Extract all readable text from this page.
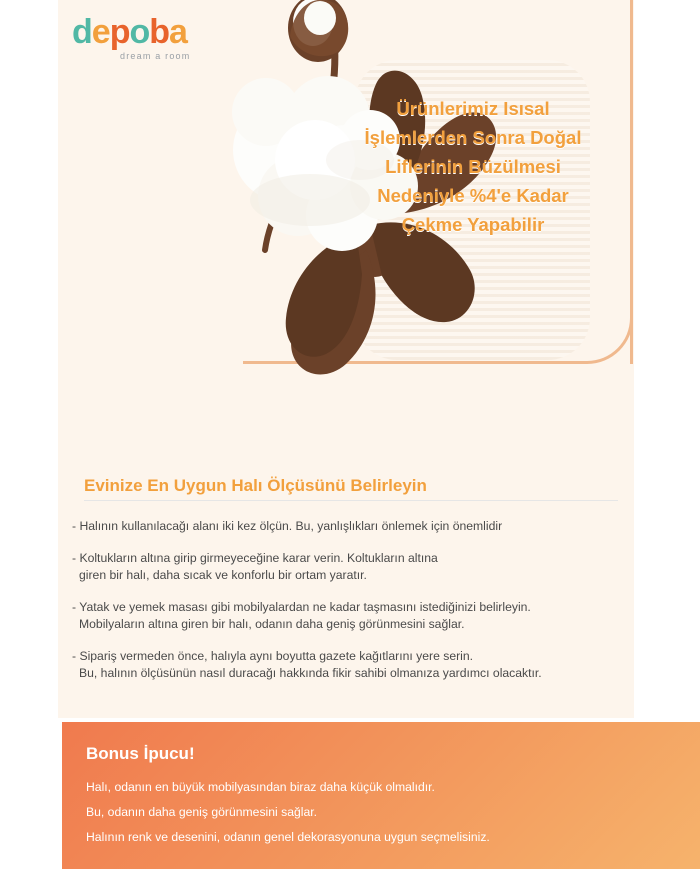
depoba
dream a room
Ürünlerimiz Isısal İşlemlerden Sonra Doğal Liflerinin Büzülmesi Nedeniyle %4'e Kadar Çekme Yapabilir
Evinize En Uygun Halı Ölçüsünü Belirleyin
- Halının kullanılacağı alanı iki kez ölçün. Bu, yanlışlıkları önlemek için önemlidir
- Koltukların altına girip girmeyeceğine karar verin. Koltukların altına
giren bir halı, daha sıcak ve konforlu bir ortam yaratır.
- Yatak ve yemek masası gibi mobilyalardan ne kadar taşmasını istediğinizi belirleyin.
Mobilyaların altına giren bir halı, odanın daha geniş görünmesini sağlar.
- Sipariş vermeden önce, halıyla aynı boyutta gazete kağıtlarını yere serin.
Bu, halının ölçüsünün nasıl duracağı hakkında fikir sahibi olmanıza yardımcı olacaktır.
Bonus İpucu!
Halı, odanın en büyük mobilyasından biraz daha küçük olmalıdır.
Bu, odanın daha geniş görünmesini sağlar.
Halının renk ve desenini, odanın genel dekorasyonuna uygun seçmelisiniz.
